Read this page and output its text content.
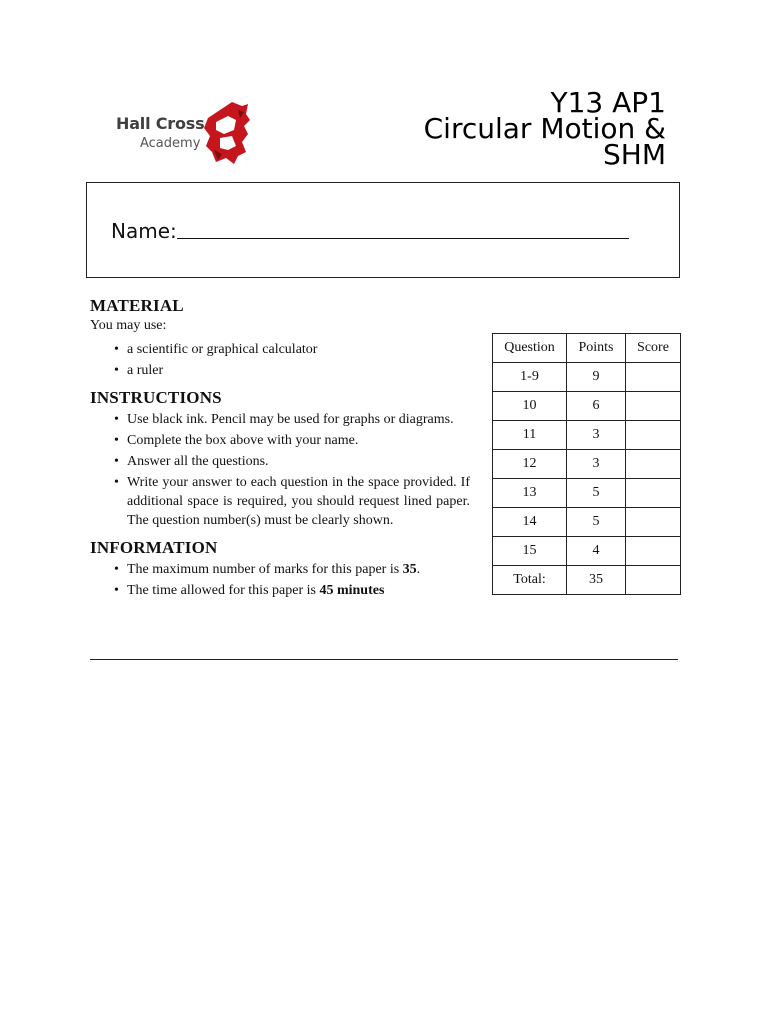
Hall Cross
Academy
Y13 AP1
Circular Motion &
SHM
Name:
MATERIAL
You may use:
• a scientific or graphical calculator
• a ruler
INSTRUCTIONS
• Use black ink. Pencil may be used for graphs or diagrams.
• Complete the box above with your name.
• Answer all the questions.
• Write your answer to each question in the space provided. If additional space is required, you should request lined paper. The question number(s) must be clearly shown.
INFORMATION
• The maximum number of marks for this paper is 35.
• The time allowed for this paper is 45 minutes
Question	Points	Score
1-9	9	
10	6	
11	3	
12	3	
13	5	
14	5	
15	4	
Total:	35	
